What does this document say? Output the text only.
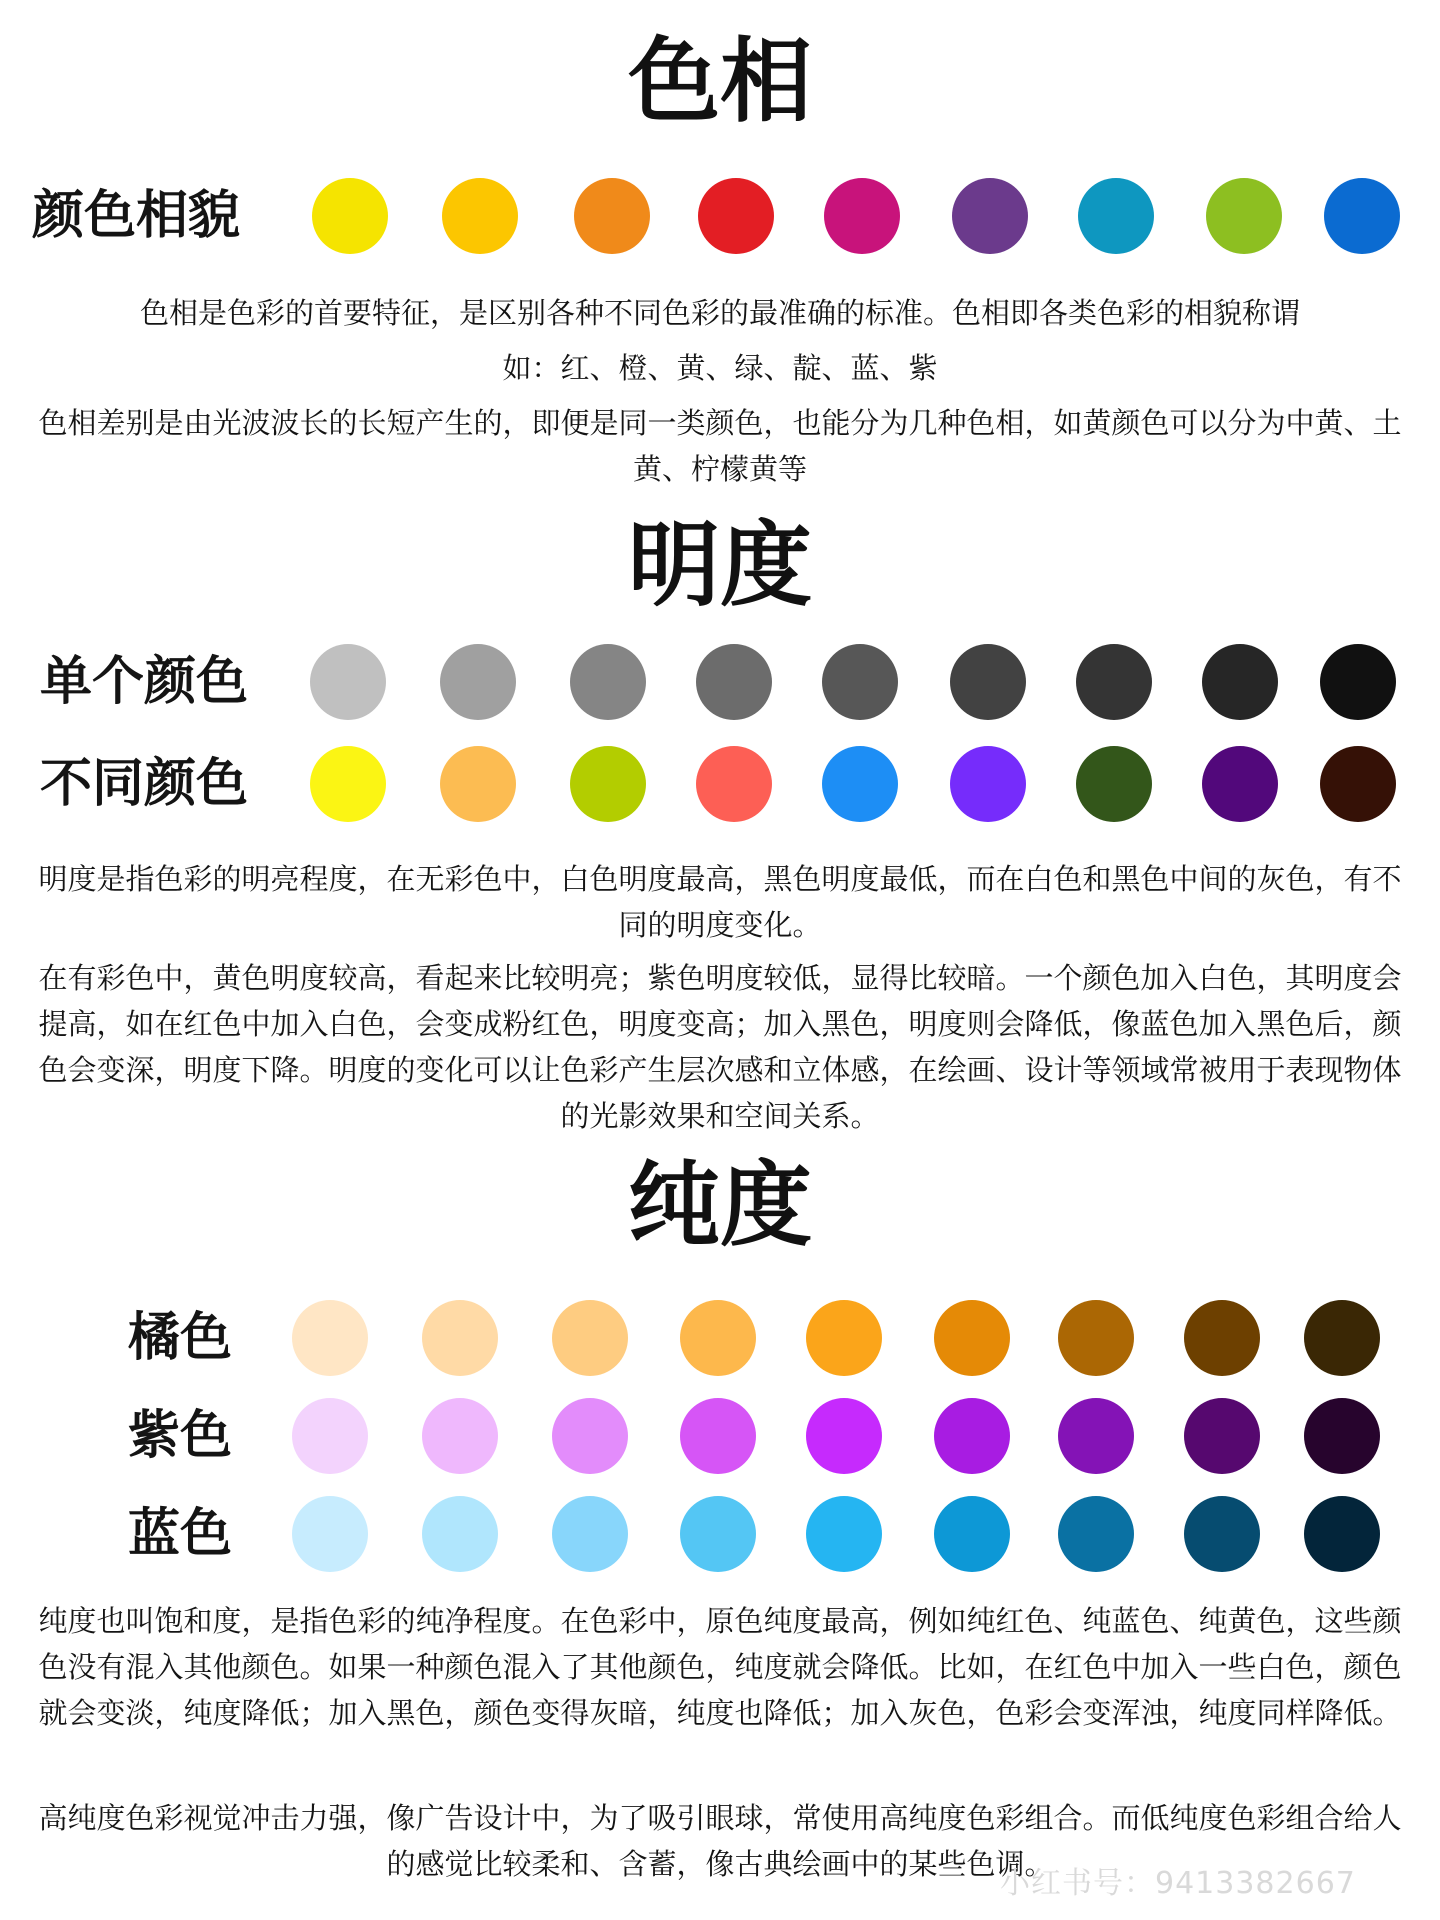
色相
颜色相貌

色相是色彩的首要特征，是区别各种不同色彩的最准确的标准。色相即各类色彩的相貌称谓

如：红、橙、黄、绿、靛、蓝、紫

色相差别是由光波波长的长短产生的，即便是同一类颜色，也能分为几种色相，如黄颜色可以分为中黄、土黄、柠檬黄等

明度
单个颜色
不同颜色

明度是指色彩的明亮程度，在无彩色中，白色明度最高，黑色明度最低，而在白色和黑色中间的灰色，有不同的明度变化。

在有彩色中，黄色明度较高，看起来比较明亮；紫色明度较低，显得比较暗。一个颜色加入白色，其明度会提高，如在红色中加入白色，会变成粉红色，明度变高；加入黑色，明度则会降低，像蓝色加入黑色后，颜色会变深，明度下降。明度的变化可以让色彩产生层次感和立体感，在绘画、设计等领域常被用于表现物体的光影效果和空间关系。

纯度
橘色
紫色
蓝色

纯度也叫饱和度，是指色彩的纯净程度。在色彩中，原色纯度最高，例如纯红色、纯蓝色、纯黄色，这些颜色没有混入其他颜色。如果一种颜色混入了其他颜色，纯度就会降低。比如，在红色中加入一些白色，颜色就会变淡，纯度降低；加入黑色，颜色变得灰暗，纯度也降低；加入灰色，色彩会变浑浊，纯度同样降低。

高纯度色彩视觉冲击力强，像广告设计中，为了吸引眼球，常使用高纯度色彩组合。而低纯度色彩组合给人的感觉比较柔和、含蓄，像古典绘画中的某些色调。

小红书号：9413382667
